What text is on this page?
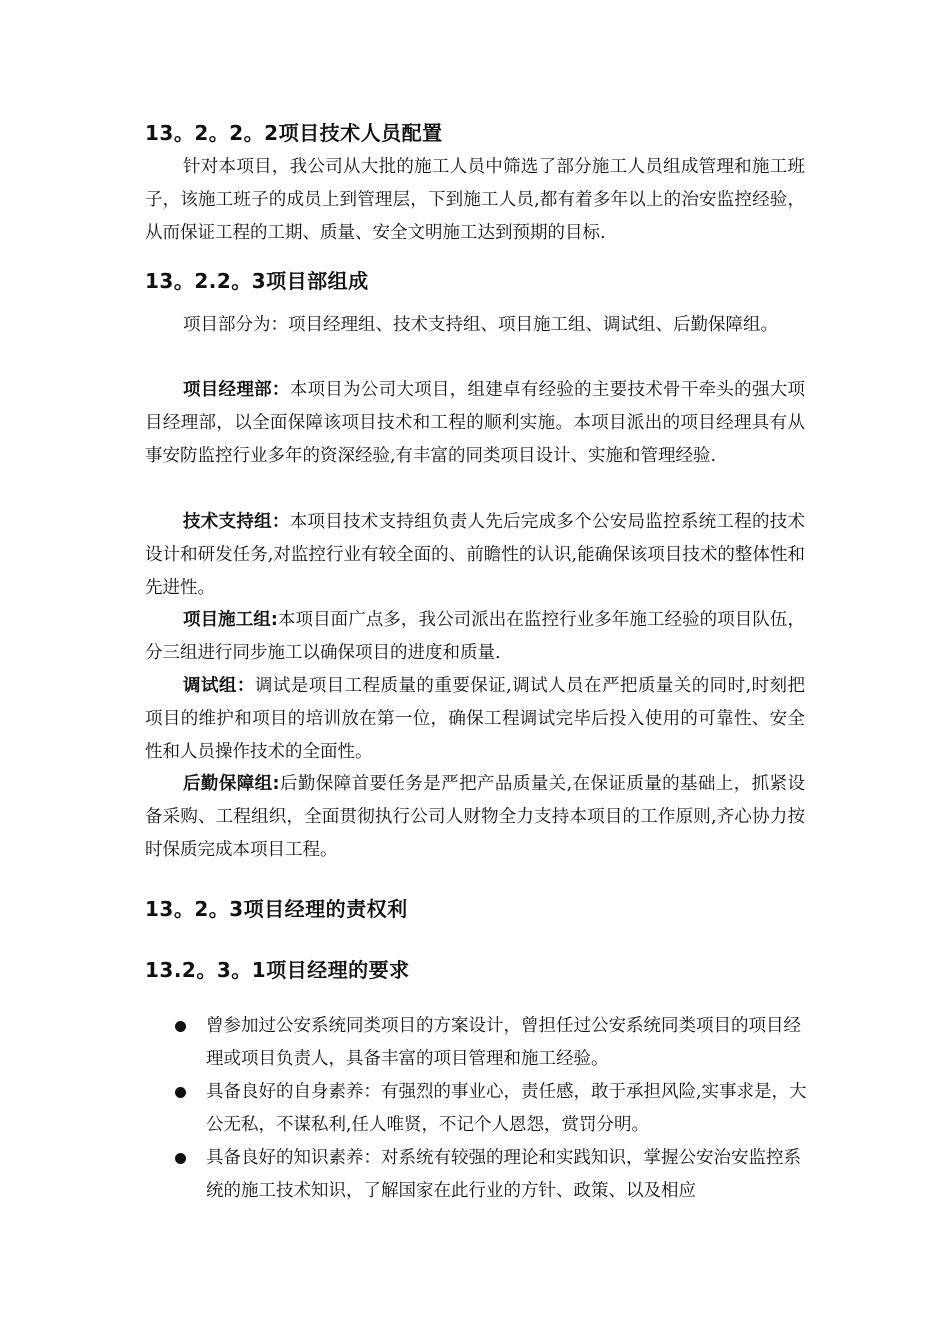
13。2。2。2项目技术人员配置

针对本项目，我公司从大批的施工人员中筛选了部分施工人员组成管理和施工班子，该施工班子的成员上到管理层，下到施工人员,都有着多年以上的治安监控经验，从而保证工程的工期、质量、安全文明施工达到预期的目标.

13。2.2。3项目部组成

项目部分为：项目经理组、技术支持组、项目施工组、调试组、后勤保障组。

项目经理部：本项目为公司大项目，组建卓有经验的主要技术骨干牵头的强大项目经理部，以全面保障该项目技术和工程的顺利实施。本项目派出的项目经理具有从事安防监控行业多年的资深经验,有丰富的同类项目设计、实施和管理经验.

技术支持组：本项目技术支持组负责人先后完成多个公安局监控系统工程的技术设计和研发任务,对监控行业有较全面的、前瞻性的认识,能确保该项目技术的整体性和先进性。

项目施工组:本项目面广点多，我公司派出在监控行业多年施工经验的项目队伍，分三组进行同步施工以确保项目的进度和质量.

调试组：调试是项目工程质量的重要保证,调试人员在严把质量关的同时,时刻把项目的维护和项目的培训放在第一位，确保工程调试完毕后投入使用的可靠性、安全性和人员操作技术的全面性。

后勤保障组:后勤保障首要任务是严把产品质量关,在保证质量的基础上，抓紧设备采购、工程组织，全面贯彻执行公司人财物全力支持本项目的工作原则,齐心协力按时保质完成本项目工程。

13。2。3项目经理的责权利
13.2。3。1项目经理的要求
曾参加过公安系统同类项目的方案设计，曾担任过公安系统同类项目的项目经理或项目负责人，具备丰富的项目管理和施工经验。
具备良好的自身素养：有强烈的事业心，责任感，敢于承担风险,实事求是，大公无私，不谋私利,任人唯贤，不记个人恩怨，赏罚分明。
具备良好的知识素养：对系统有较强的理论和实践知识，掌握公安治安监控系统的施工技术知识，了解国家在此行业的方针、政策、以及相应
